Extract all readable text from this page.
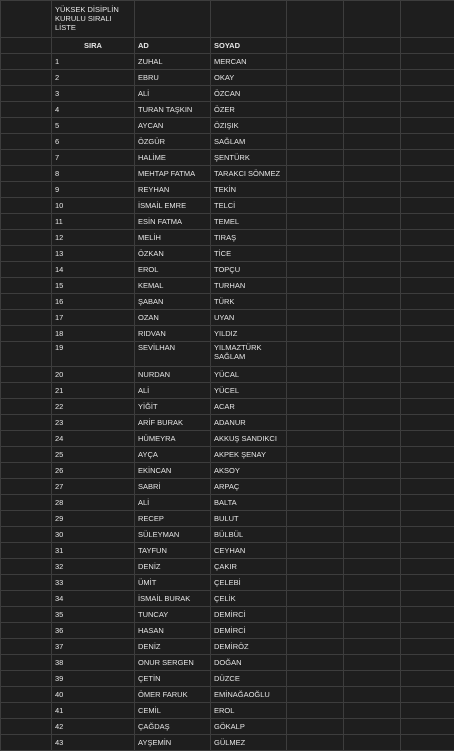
	YÜKSEK DİSİPLİN KURULU SIRALI LİSTE						
	SIRA	AD	SOYAD				
	1	ZUHAL	MERCAN				
	2	EBRU	OKAY				
	3	ALİ	ÖZCAN				
	4	TURAN TAŞKIN	ÖZER				
	5	AYCAN	ÖZIŞIK				
	6	ÖZGÜR	SAĞLAM				
	7	HALİME	ŞENTÜRK				
	8	MEHTAP FATMA	TARAKCI SÖNMEZ				
	9	REYHAN	TEKİN				
	10	İSMAİL EMRE	TELCİ				
	11	ESİN FATMA	TEMEL				
	12	MELİH	TIRAŞ				
	13	ÖZKAN	TİCE				
	14	EROL	TOPÇU				
	15	KEMAL	TURHAN				
	16	ŞABAN	TÜRK				
	17	OZAN	UYAN				
	18	RIDVAN	YILDIZ				
	19	SEVİLHAN	YILMAZTÜRK SAĞLAM				
	20	NURDAN	YÜCAL				
	21	ALİ	YÜCEL				
	22	YİĞİT	ACAR				
	23	ARİF BURAK	ADANUR				
	24	HÜMEYRA	AKKUŞ SANDIKCI				
	25	AYÇA	AKPEK ŞENAY				
	26	EKİNCAN	AKSOY				
	27	SABRİ	ARPAÇ				
	28	ALİ	BALTA				
	29	RECEP	BULUT				
	30	SÜLEYMAN	BÜLBÜL				
	31	TAYFUN	CEYHAN				
	32	DENİZ	ÇAKIR				
	33	ÜMİT	ÇELEBİ				
	34	İSMAİL BURAK	ÇELİK				
	35	TUNCAY	DEMİRCİ				
	36	HASAN	DEMİRCİ				
	37	DENİZ	DEMİRÖZ				
	38	ONUR SERGEN	DOĞAN				
	39	ÇETİN	DÜZCE				
	40	ÖMER FARUK	EMİNAĞAOĞLU				
	41	CEMİL	EROL				
	42	ÇAĞDAŞ	GÖKALP				
	43	AYŞEMİN	GÜLMEZ				
